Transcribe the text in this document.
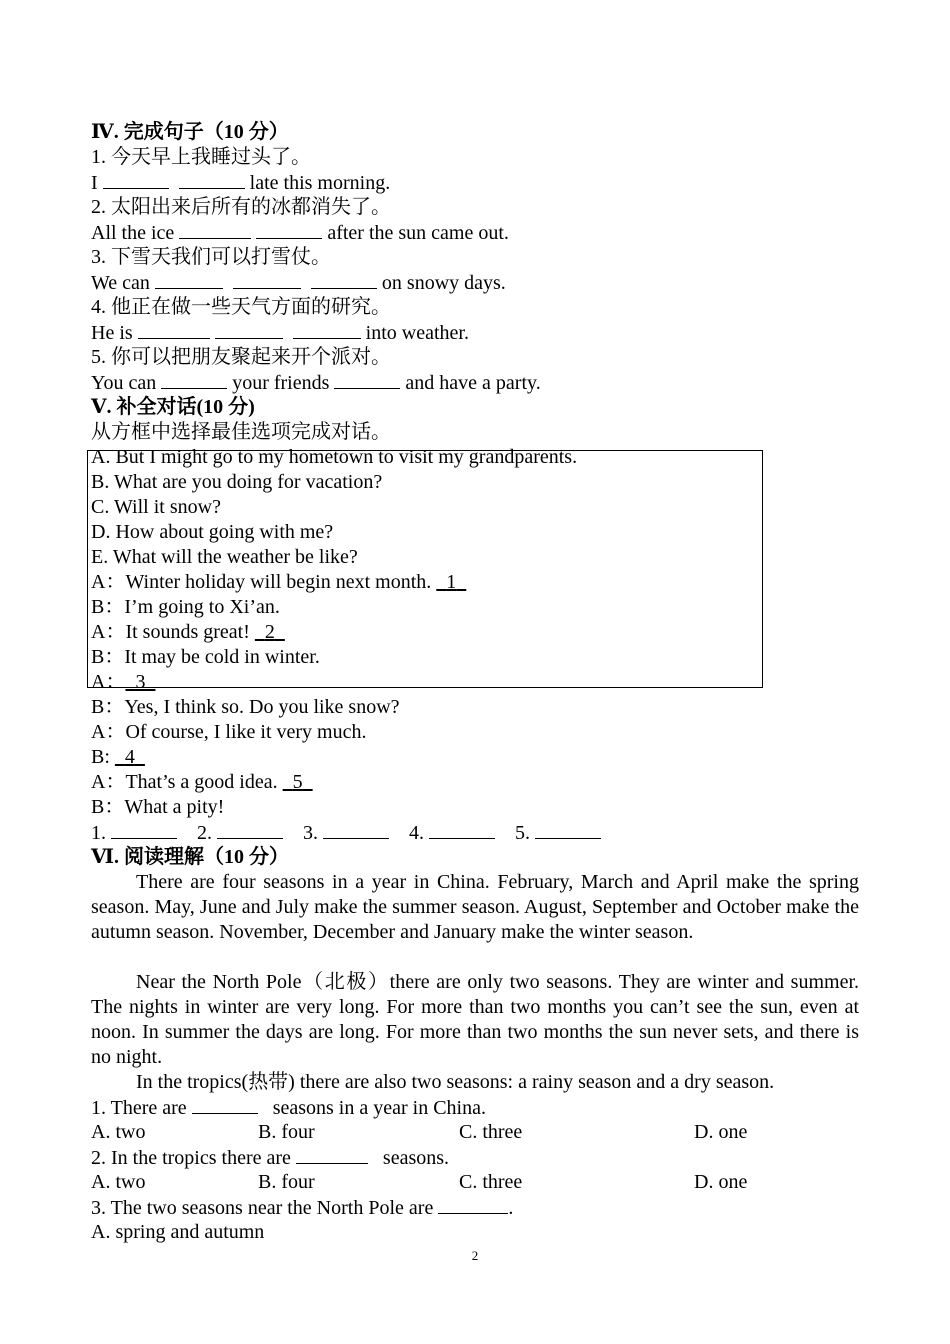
Ⅳ. 完成句子（10 分）
1. 今天早上我睡过头了。
I	late this morning.
2. 太阳出来后所有的冰都消失了。
All the ice	after the sun came out.
3. 下雪天我们可以打雪仗。
We can	on snowy days.
4. 他正在做一些天气方面的研究。
He is	into weather.
5. 你可以把朋友聚起来开个派对。
You can	your friends	and have a party.
Ⅴ. 补全对话(10 分)
从方框中选择最佳选项完成对话。
A. But I might go to my hometown to visit my grandparents.
B. What are you doing for vacation?
C. Will it snow?
D. How about going with me?
E. What will the weather be like?
A：Winter holiday will begin next month.   1
B：I’m going to Xi’an.
A：It sounds great!   2
B：It may be cold in winter.
A： 3
B：Yes, I think so. Do you like snow?
A：Of course, I like it very much.
B:   4
A：That’s a good idea.   5
B：What a pity!
1.	2.	3.	4.	5.
Ⅵ. 阅读理解（10 分）
There are four seasons in a year in China. February, March and April make the spring season. May, June and July make the summer season. August, September and October make the autumn season. November, December and January make the winter season.
Near the North Pole（北极）there are only two seasons. They are winter and summer. The nights in winter are very long. For more than two months you can’t see the sun, even at noon. In summer the days are long. For more than two months the sun never sets, and there is no night.
In the tropics(热带) there are also two seasons: a rainy season and a dry season.
1. There are	seasons in a year in China.
A. two	B. four	C. three	D. one
2. In the tropics there are	seasons.
A. two	B. four	C. three	D. one
3. The two seasons near the North Pole are	.
A. spring and autumn
2
